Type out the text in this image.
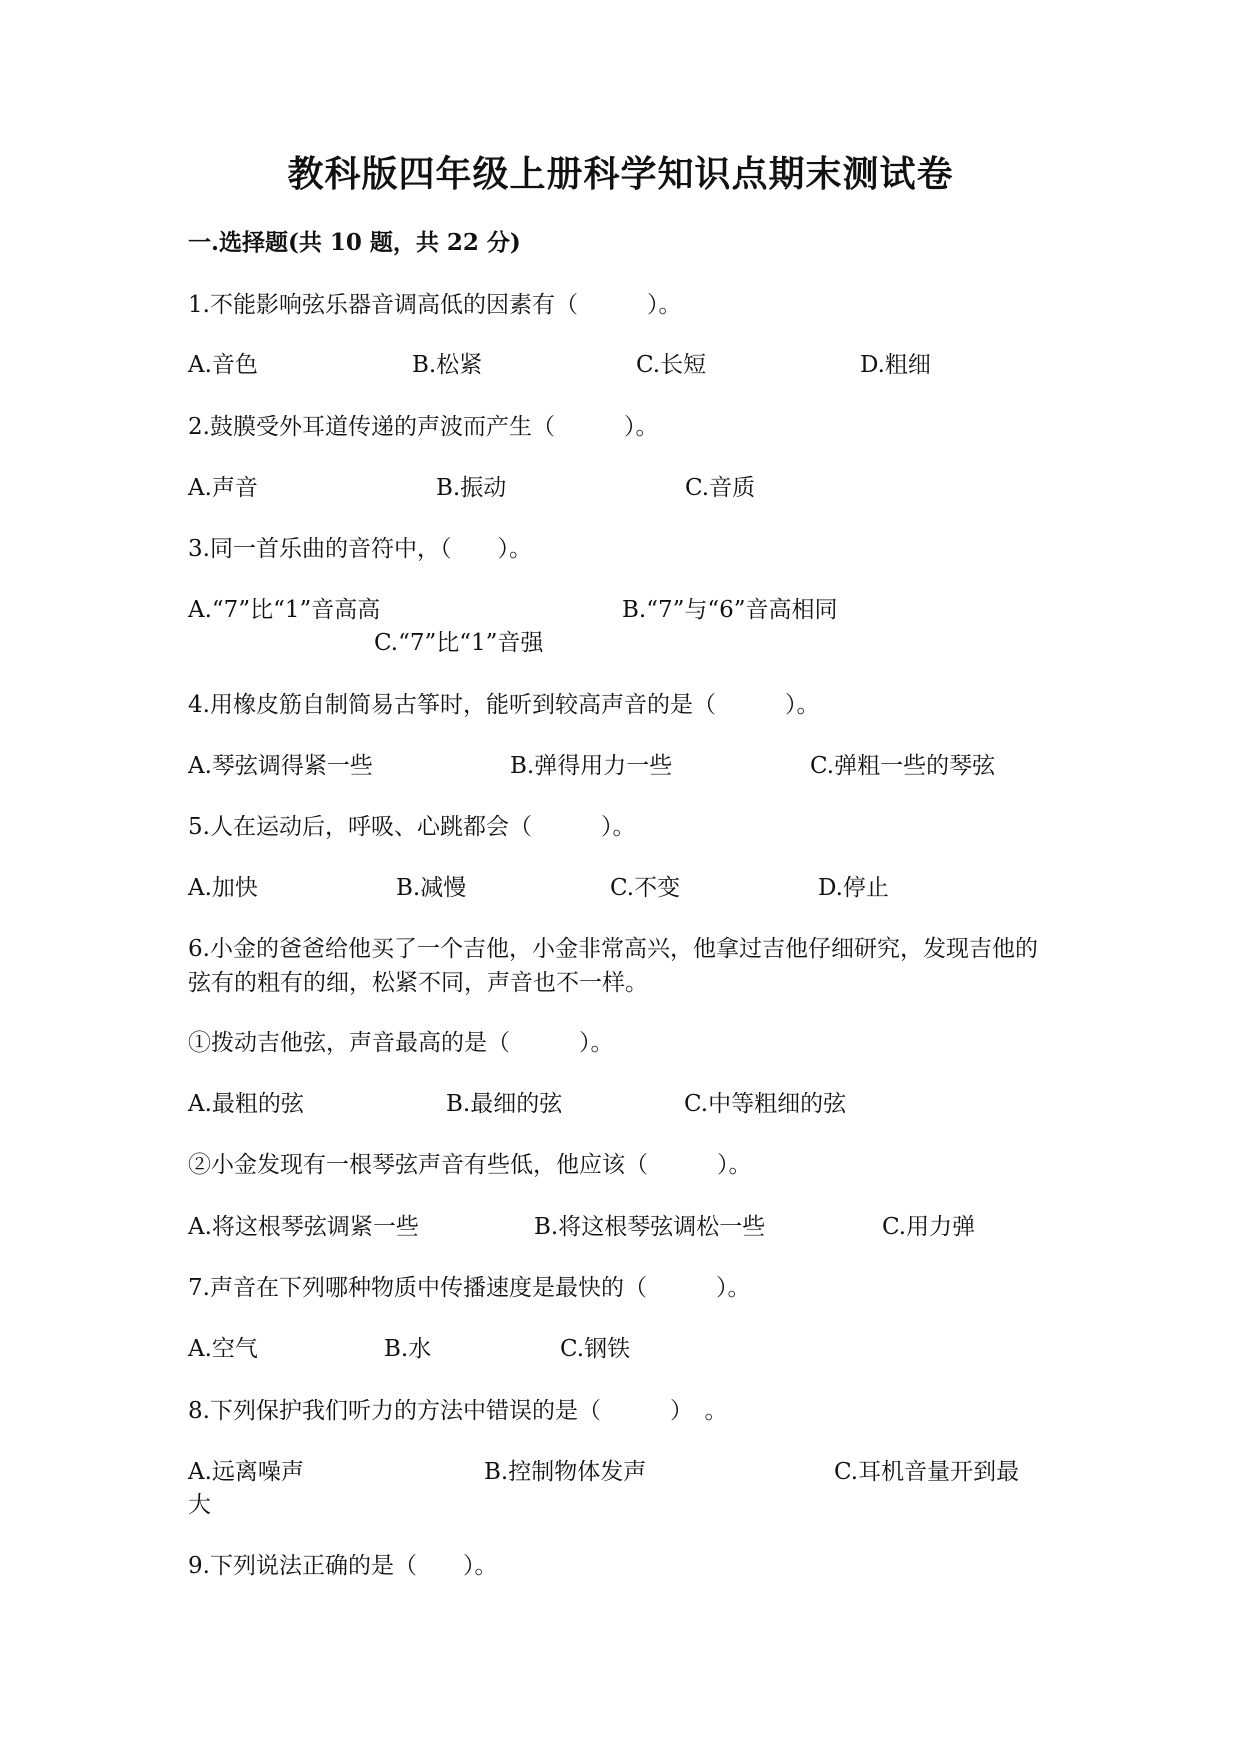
教科版四年级上册科学知识点期末测试卷
一.选择题(共 10 题，共 22 分)
1.不能影响弦乐器音调高低的因素有（　　　）。
A.音色	B.松紧	C.长短	D.粗细
2.鼓膜受外耳道传递的声波而产生（　　　）。
A.声音	B.振动	C.音质
3.同一首乐曲的音符中，（　　）。
A.“7”比“1”音高高	B.“7”与“6”音高相同
C.“7”比“1”音强
4.用橡皮筋自制简易古筝时，能听到较高声音的是（　　　）。
A.琴弦调得紧一些	B.弹得用力一些	C.弹粗一些的琴弦
5.人在运动后，呼吸、心跳都会（　　　）。
A.加快	B.减慢	C.不变	D.停止
6.小金的爸爸给他买了一个吉他，小金非常高兴，他拿过吉他仔细研究，发现吉他的弦有的粗有的细，松紧不同，声音也不一样。
①拨动吉他弦，声音最高的是（　　　）。
A.最粗的弦	B.最细的弦	C.中等粗细的弦
②小金发现有一根琴弦声音有些低，他应该（　　　）。
A.将这根琴弦调紧一些	B.将这根琴弦调松一些	C.用力弹
7.声音在下列哪种物质中传播速度是最快的（　　　）。
A.空气	B.水	C.钢铁
8.下列保护我们听力的方法中错误的是（　　　）　。
A.远离噪声	B.控制物体发声	C.耳机音量开到最
大
9.下列说法正确的是（　　）。
